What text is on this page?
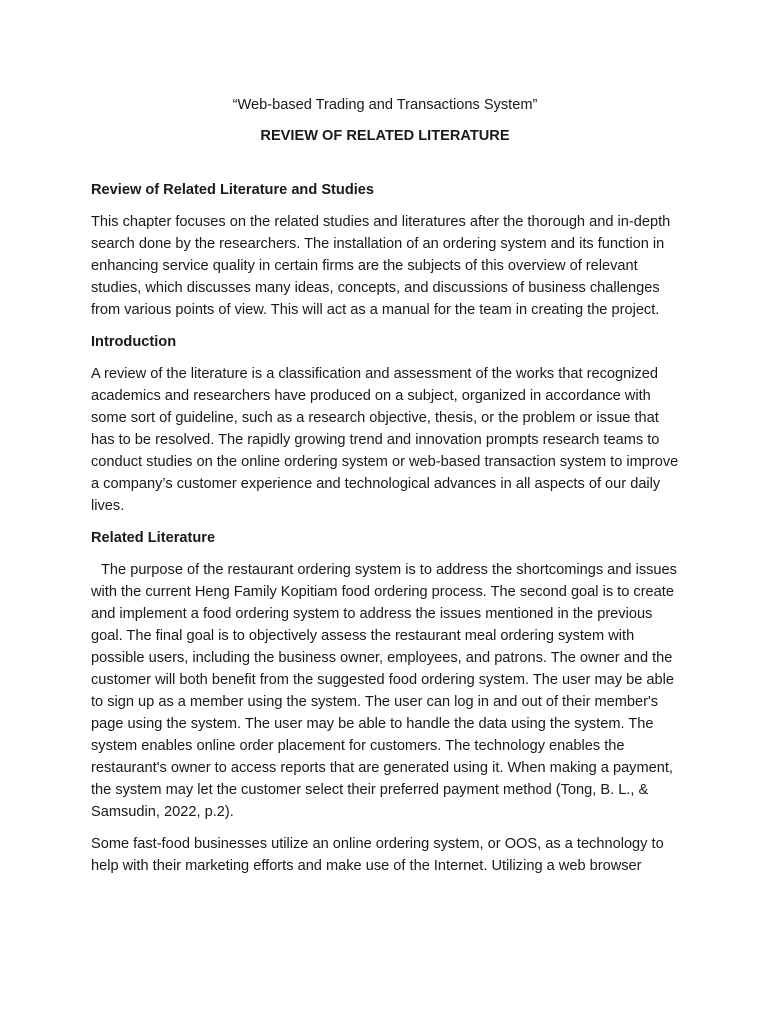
“Web-based Trading and Transactions System”
REVIEW OF RELATED LITERATURE
Review of Related Literature and Studies

This chapter focuses on the related studies and literatures after the thorough and in-depth search done by the researchers. The installation of an ordering system and its function in enhancing service quality in certain firms are the subjects of this overview of relevant studies, which discusses many ideas, concepts, and discussions of business challenges from various points of view. This will act as a manual for the team in creating the project.

Introduction

A review of the literature is a classification and assessment of the works that recognized academics and researchers have produced on a subject, organized in accordance with some sort of guideline, such as a research objective, thesis, or the problem or issue that has to be resolved. The rapidly growing trend and innovation prompts research teams to conduct studies on the online ordering system or web-based transaction system to improve a company’s customer experience and technological advances in all aspects of our daily lives.

Related Literature

The purpose of the restaurant ordering system is to address the shortcomings and issues with the current Heng Family Kopitiam food ordering process. The second goal is to create and implement a food ordering system to address the issues mentioned in the previous goal. The final goal is to objectively assess the restaurant meal ordering system with possible users, including the business owner, employees, and patrons. The owner and the customer will both benefit from the suggested food ordering system. The user may be able to sign up as a member using the system. The user can log in and out of their member's page using the system. The user may be able to handle the data using the system. The system enables online order placement for customers. The technology enables the restaurant's owner to access reports that are generated using it. When making a payment, the system may let the customer select their preferred payment method (Tong, B. L., & Samsudin, 2022, p.2).

Some fast-food businesses utilize an online ordering system, or OOS, as a technology to help with their marketing efforts and make use of the Internet. Utilizing a web browser
